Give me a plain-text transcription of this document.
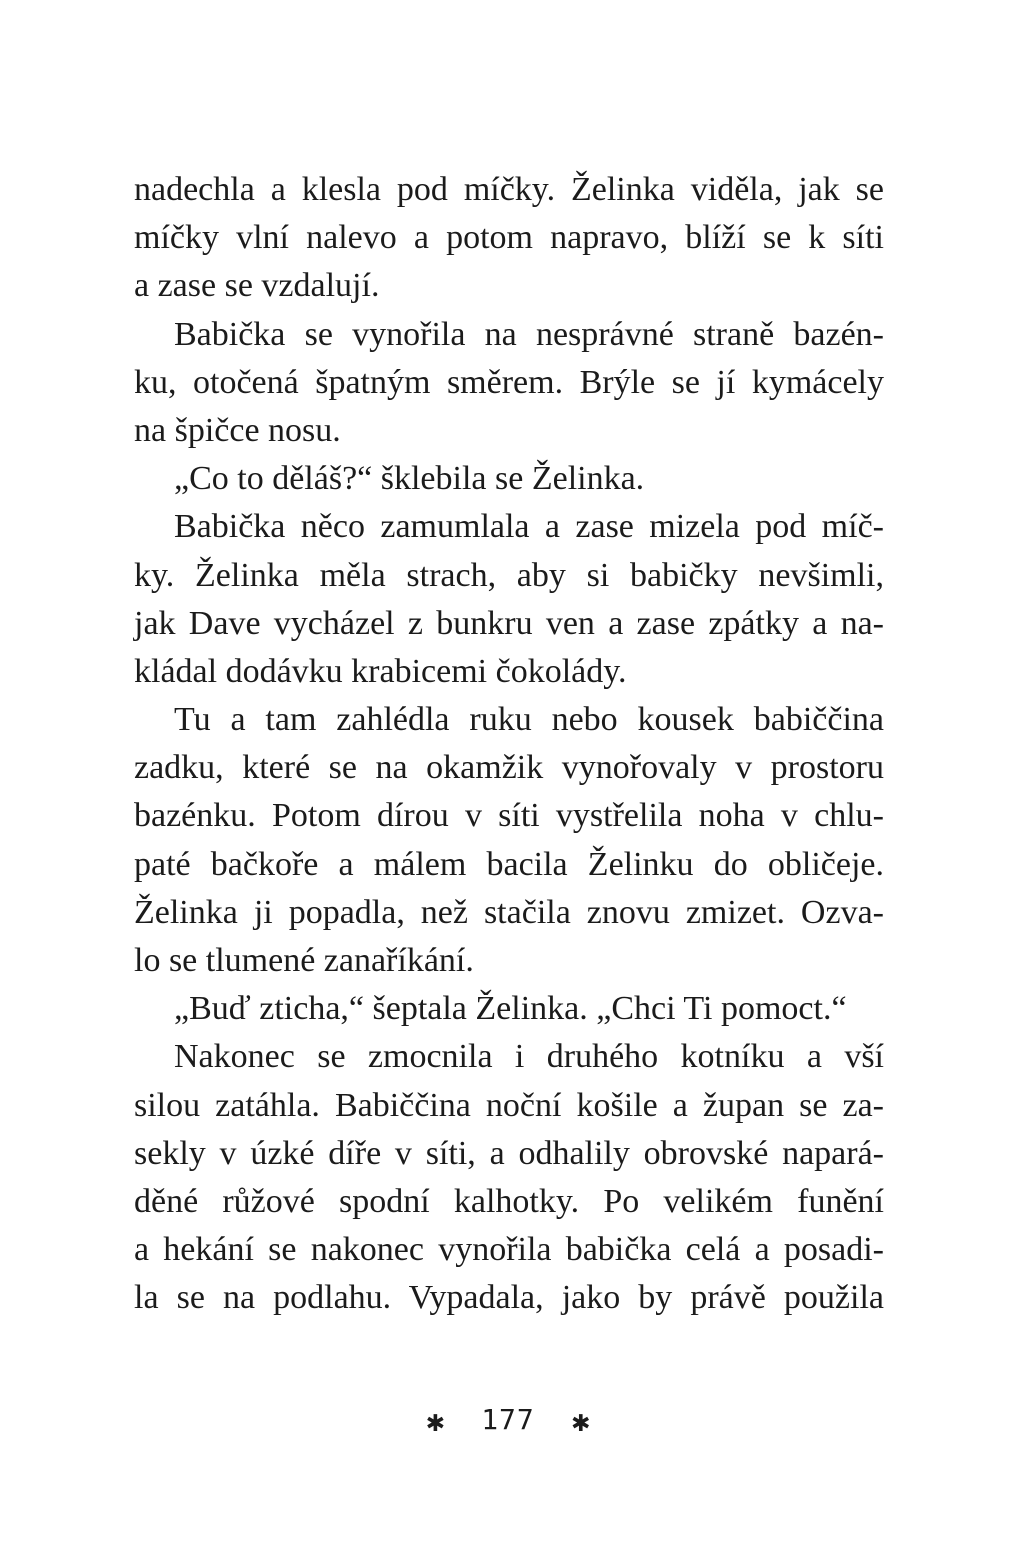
nadechla a klesla pod míčky. Želinka viděla, jak se
míčky vlní nalevo a potom napravo, blíží se k síti
a zase se vzdalují.
Babička se vynořila na nesprávné straně bazén-
ku, otočená špatným směrem. Brýle se jí kymácely
na špičce nosu.
„Co to děláš?“ šklebila se Želinka.
Babička něco zamumlala a zase mizela pod míč-
ky. Želinka měla strach, aby si babičky nevšimli,
jak Dave vycházel z bunkru ven a zase zpátky a na-
kládal dodávku krabicemi čokolády.
Tu a tam zahlédla ruku nebo kousek babiččina
zadku, které se na okamžik vynořovaly v prostoru
bazénku. Potom dírou v síti vystřelila noha v chlu-
paté bačkoře a málem bacila Želinku do obličeje.
Želinka ji popadla, než stačila znovu zmizet. Ozva-
lo se tlumené zanaříkání.
„Buď zticha,“ šeptala Želinka. „Chci Ti pomoct.“
Nakonec se zmocnila i druhého kotníku a vší
silou zatáhla. Babiččina noční košile a župan se za-
sekly v úzké díře v síti, a odhalily obrovské napará-
děné růžové spodní kalhotky. Po velikém funění
a hekání se nakonec vynořila babička celá a posadi-
la se na podlahu. Vypadala, jako by právě použila
✱ 177 ✱
